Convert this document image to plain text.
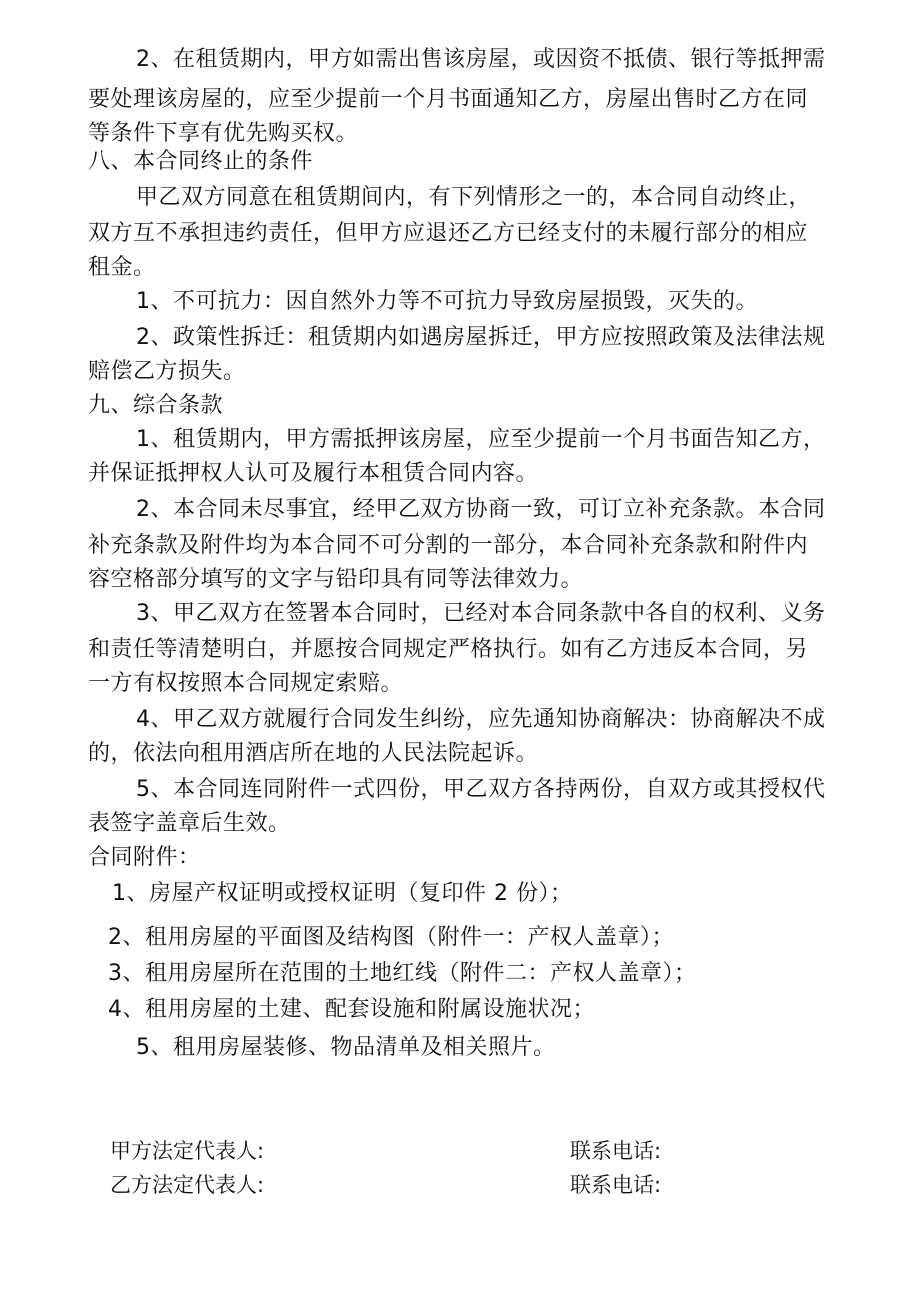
2、在租赁期内，甲方如需出售该房屋，或因资不抵债、银行等抵押需
要处理该房屋的，应至少提前一个月书面通知乙方，房屋出售时乙方在同
等条件下享有优先购买权。
八、本合同终止的条件
甲乙双方同意在租赁期间内，有下列情形之一的，本合同自动终止，
双方互不承担违约责任，但甲方应退还乙方已经支付的未履行部分的相应
租金。
1、不可抗力：因自然外力等不可抗力导致房屋损毁，灭失的。
2、政策性拆迁：租赁期内如遇房屋拆迁，甲方应按照政策及法律法规
赔偿乙方损失。
九、综合条款
1、租赁期内，甲方需抵押该房屋，应至少提前一个月书面告知乙方，
并保证抵押权人认可及履行本租赁合同内容。
2、本合同未尽事宜，经甲乙双方协商一致，可订立补充条款。本合同
补充条款及附件均为本合同不可分割的一部分，本合同补充条款和附件内
容空格部分填写的文字与铅印具有同等法律效力。
3、甲乙双方在签署本合同时，已经对本合同条款中各自的权利、义务
和责任等清楚明白，并愿按合同规定严格执行。如有乙方违反本合同，另
一方有权按照本合同规定索赔。
4、甲乙双方就履行合同发生纠纷，应先通知协商解决：协商解决不成
的，依法向租用酒店所在地的人民法院起诉。
5、本合同连同附件一式四份，甲乙双方各持两份，自双方或其授权代
表签字盖章后生效。
合同附件：
1、房屋产权证明或授权证明（复印件 2 份）；
2、租用房屋的平面图及结构图（附件一：产权人盖章）；
3、租用房屋所在范围的土地红线（附件二：产权人盖章）；
4、租用房屋的土建、配套设施和附属设施状况；
5、租用房屋装修、物品清单及相关照片。
甲方法定代表人:	联系电话:
乙方法定代表人:	联系电话:
